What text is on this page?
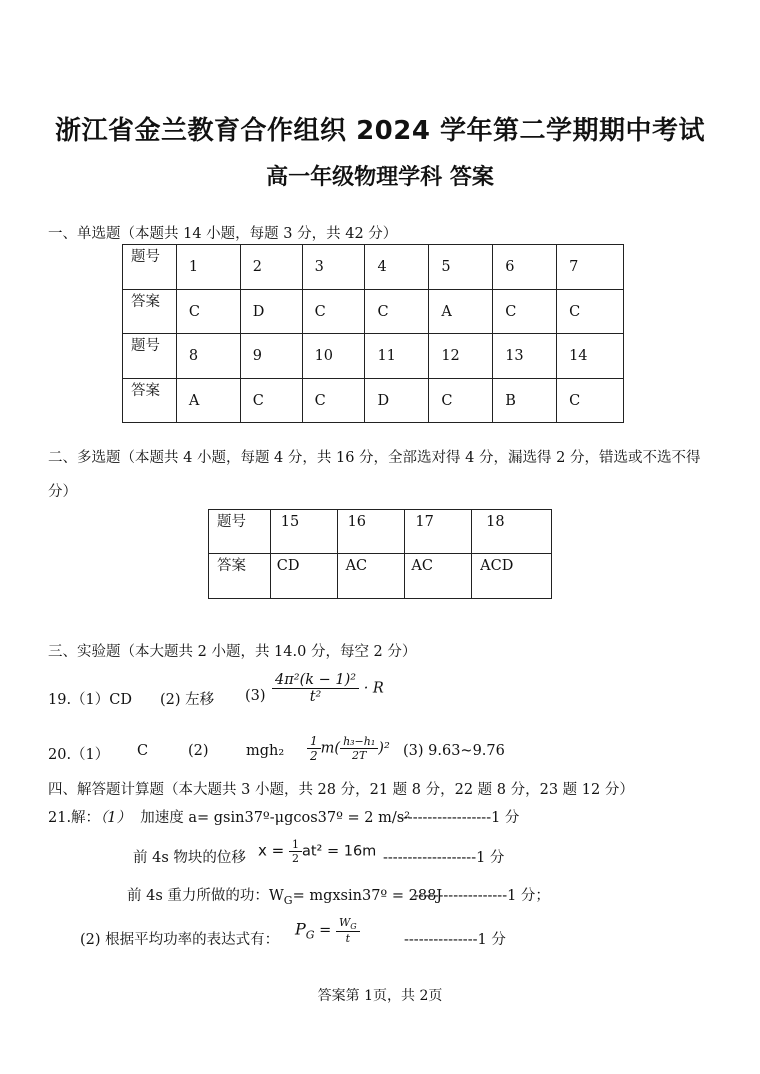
浙江省金兰教育合作组织 2024 学年第二学期期中考试
高一年级物理学科 答案
一、单选题（本题共 14 小题，每题 3 分，共 42 分）
题号	1	2	3	4	5	6	7
答案	C	D	C	C	A	C	C
题号	8	9	10	11	12	13	14
答案	A	C	C	D	C	B	C
二、多选题（本题共 4 小题，每题 4 分，共 16 分，全部选对得 4 分，漏选得 2 分，错选或不选不得
分）
题号	15	16	17	18
答案	CD	AC	AC	ACD
三、实验题（本大题共 2 小题，共 14.0 分，每空 2 分）
19.（1）CD (2) 左移 $(3) \frac{\text{4π²(k − 1)²}}{\text{t²}} \cdot R$
20.（1） C	(2)	$mgh_2 \frac{1}{2} m( \frac{\text{h₃−h₁}}{2T} )^2$ (3) 9.63~9.76
四、解答题计算题（本大题共 3 小题，共 28 分，21 题 8 分，22 题 8 分，23 题 12 分）
21.解：（1） 加速度 a= gsin37º-μgcos37º = 2 m/s²
-------------------1 分
前 4s 物块的位移 $x = \frac{1}{2} at^2 = 16m$ -------------------1 分
前 4s 重力所做的功：$W_G=$ mgxsin37º = 288J
-------------------1 分；
(2) 根据平均功率的表达式有：
$P_G = \frac{W_G}{t}$	---------------1 分
答案第 1页，共 2页
